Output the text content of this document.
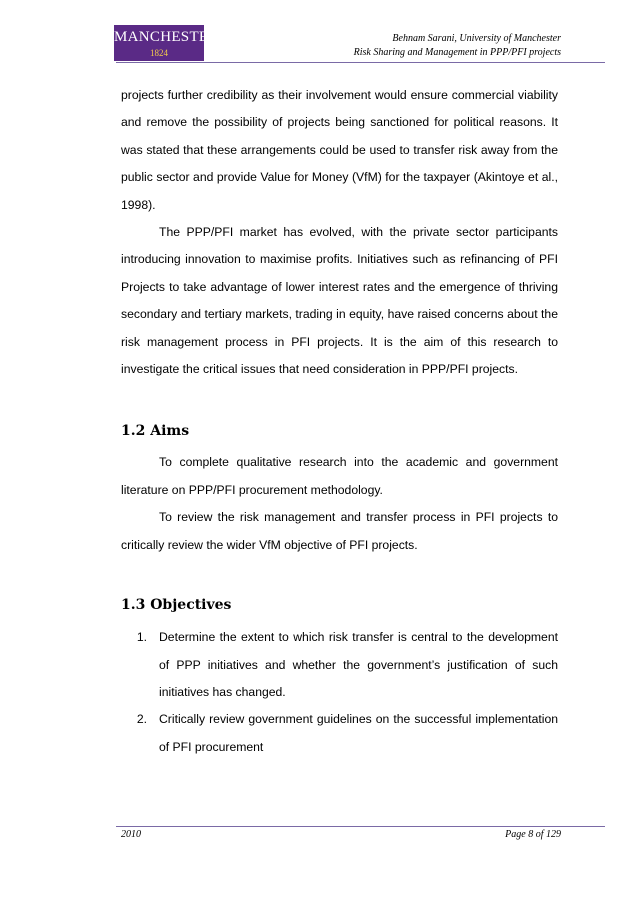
MANCHESTER
1824
Behnam Sarani, University of Manchester
Risk Sharing and Management in PPP/PFI projects

projects further credibility as their involvement would ensure commercial viability and remove the possibility of projects being sanctioned for political reasons. It was stated that these arrangements could be used to transfer risk away from the public sector and provide Value for Money (VfM) for the taxpayer (Akintoye et al., 1998).

The PPP/PFI market has evolved, with the private sector participants introducing innovation to maximise profits. Initiatives such as refinancing of PFI Projects to take advantage of lower interest rates and the emergence of thriving secondary and tertiary markets, trading in equity, have raised concerns about the risk management process in PFI projects. It is the aim of this research to investigate the critical issues that need consideration in PPP/PFI projects.

1.2 Aims

To complete qualitative research into the academic and government literature on PPP/PFI procurement methodology.

To review the risk management and transfer process in PFI projects to critically review the wider VfM objective of PFI projects.

1.3 Objectives
1. Determine the extent to which risk transfer is central to the development of PPP initiatives and whether the government’s justification of such initiatives has changed.
2. Critically review government guidelines on the successful implementation of PFI procurement
2010	Page 8 of 129
